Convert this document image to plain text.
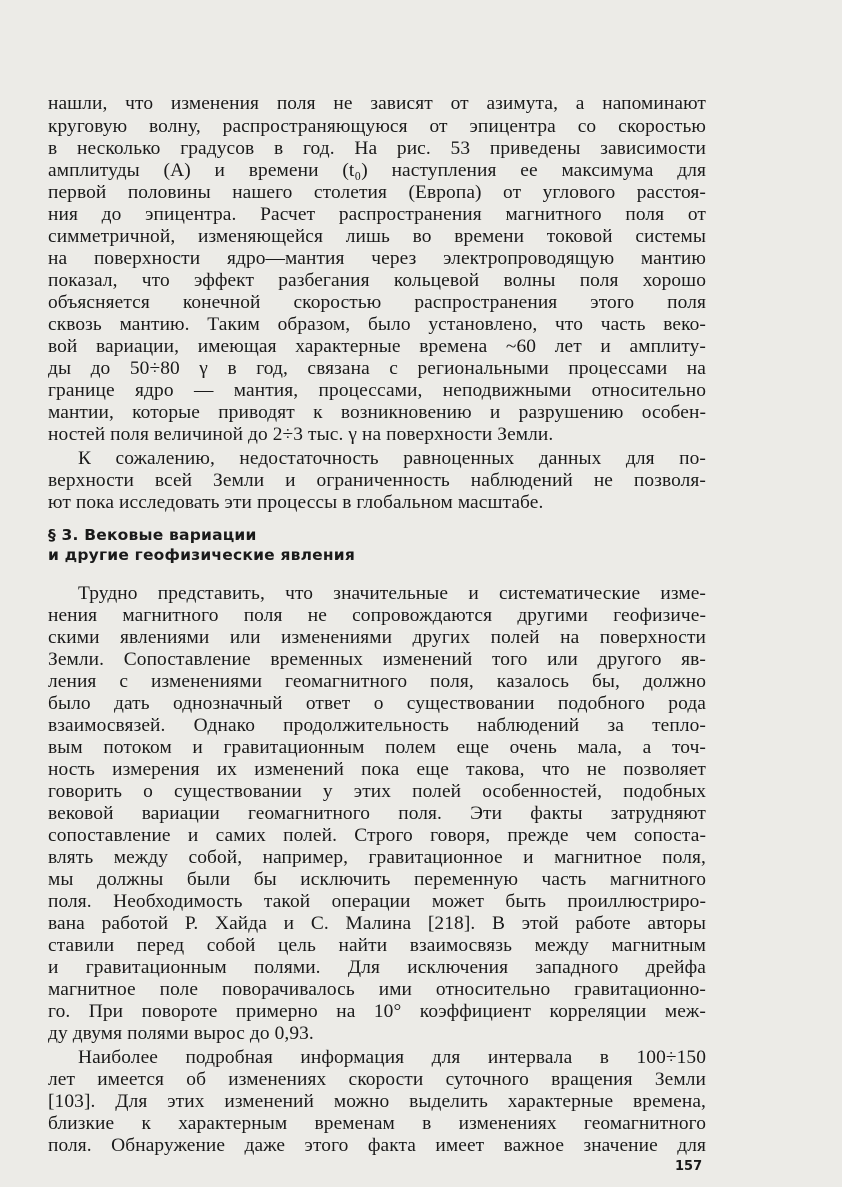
нашли, что изменения поля не зависят от азимута, а напоминают
круговую волну, распространяющуюся от эпицентра со скоростью
в несколько градусов в год. На рис. 53 приведены зависимости
амплитуды (A) и времени (t₀) наступления ее максимума для
первой половины нашего столетия (Европа) от углового расстоя-
ния до эпицентра. Расчет распространения магнитного поля от
симметричной, изменяющейся лишь во времени токовой системы
на поверхности ядро—мантия через электропроводящую мантию
показал, что эффект разбегания кольцевой волны поля хорошо
объясняется конечной скоростью распространения этого поля
сквозь мантию. Таким образом, было установлено, что часть веко-
вой вариации, имеющая характерные времена ~60 лет и амплиту-
ды до 50÷80 γ в год, связана с региональными процессами на
границе ядро — мантия, процессами, неподвижными относительно
мантии, которые приводят к возникновению и разрушению особен-
ностей поля величиной до 2÷3 тыс. γ на поверхности Земли.
К сожалению, недостаточность равноценных данных для по-
верхности всей Земли и ограниченность наблюдений не позволя-
ют пока исследовать эти процессы в глобальном масштабе.
§ 3. Вековые вариации
и другие геофизические явления
Трудно представить, что значительные и систематические изме-
нения магнитного поля не сопровождаются другими геофизиче-
скими явлениями или изменениями других полей на поверхности
Земли. Сопоставление временных изменений того или другого яв-
ления с изменениями геомагнитного поля, казалось бы, должно
было дать однозначный ответ о существовании подобного рода
взаимосвязей. Однако продолжительность наблюдений за тепло-
вым потоком и гравитационным полем еще очень мала, а точ-
ность измерения их изменений пока еще такова, что не позволяет
говорить о существовании у этих полей особенностей, подобных
вековой вариации геомагнитного поля. Эти факты затрудняют
сопоставление и самих полей. Строго говоря, прежде чем сопоста-
влять между собой, например, гравитационное и магнитное поля,
мы должны были бы исключить переменную часть магнитного
поля. Необходимость такой операции может быть проиллюстриро-
вана работой Р. Хайда и С. Малина [218]. В этой работе авторы
ставили перед собой цель найти взаимосвязь между магнитным
и гравитационным полями. Для исключения западного дрейфа
магнитное поле поворачивалось ими относительно гравитационно-
го. При повороте примерно на 10° коэффициент корреляции меж-
ду двумя полями вырос до 0,93.
Наиболее подробная информация для интервала в 100÷150
лет имеется об изменениях скорости суточного вращения Земли
[103]. Для этих изменений можно выделить характерные времена,
близкие к характерным временам в изменениях геомагнитного
поля. Обнаружение даже этого факта имеет важное значение для
157
